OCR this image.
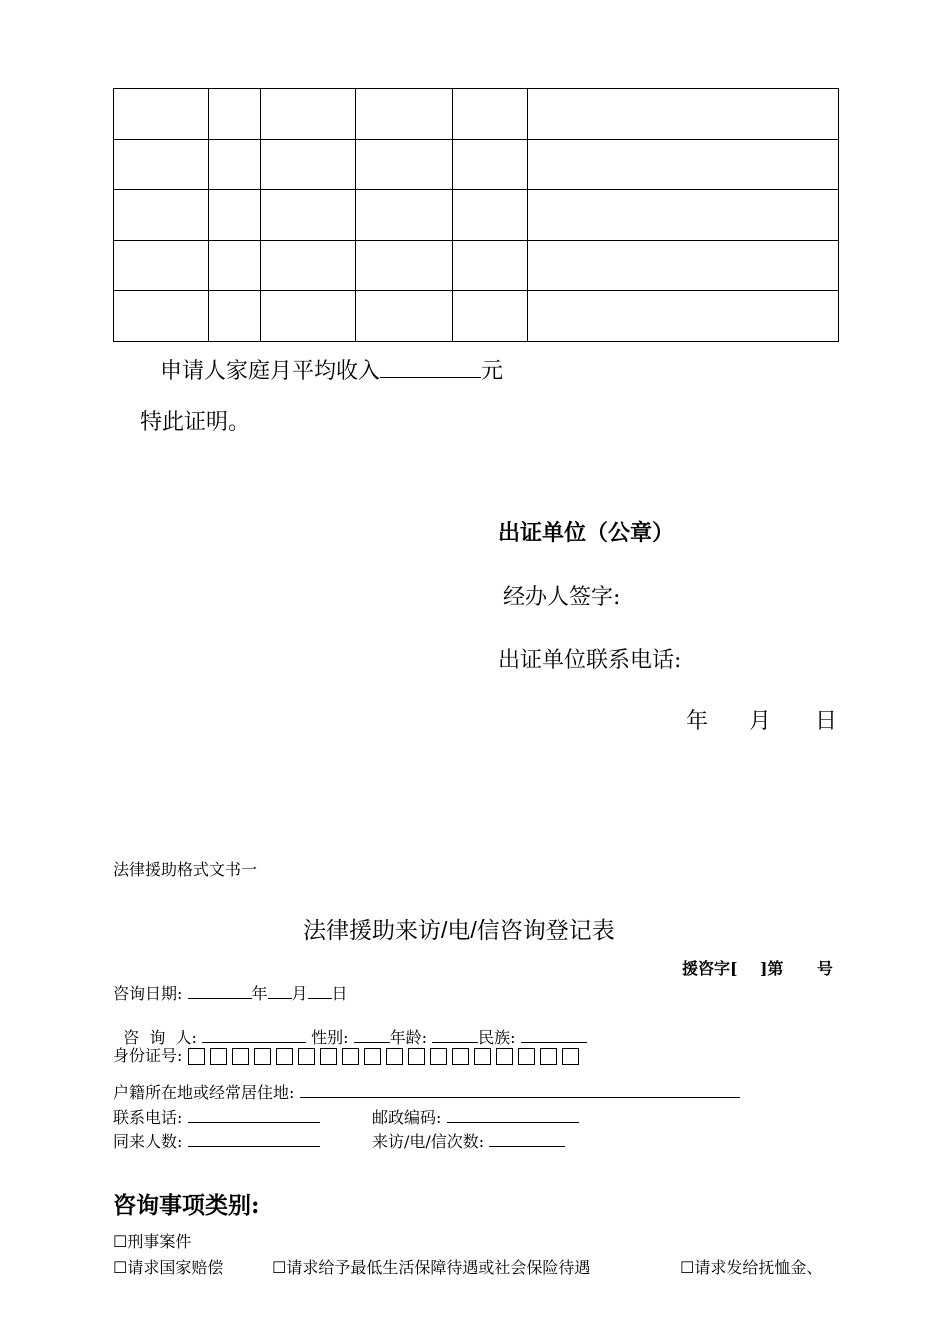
申请人家庭月平均收入	元
特此证明。
出证单位（公章）
经办人签字:
出证单位联系电话:
年 月 日
法律援助格式文书一
法律援助来访/电/信咨询登记表
援咨字[    ]第      号
咨询日期:	年 月 日

咨  询  人:	性别:	年龄:	民族:

身份证号:
户籍所在地或经常居住地:
联系电话:	邮政编码:
同来人数:	来访/电/信次数:
咨询事项类别:
☐刑事案件
☐请求国家赔偿	☐请求给予最低生活保障待遇或社会保险待遇	☐请求发给抚恤金、
